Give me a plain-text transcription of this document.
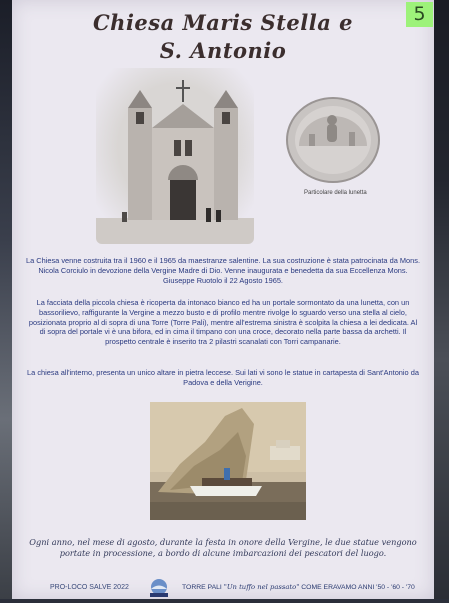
5
Chiesa Maris Stella e
S. Antonio
Particolare della lunetta
La Chiesa venne costruita tra il 1960 e il 1965 da maestranze salentine. La sua costruzione è stata patrocinata da Mons. Nicola Corciulo in devozione della Vergine Madre di Dio. Venne inaugurata e benedetta da sua Eccellenza Mons. Giuseppe Ruotolo il 22 Agosto 1965.
La facciata della piccola chiesa è ricoperta da intonaco bianco ed ha un portale sormontato da una lunetta, con un bassorilievo, raffigurante la Vergine a mezzo busto e di profilo mentre rivolge lo sguardo verso una stella al cielo, posizionata proprio al di sopra di una Torre (Torre Pali), mentre all'estrema sinistra è scolpita la chiesa a lei dedicata. Al di sopra del portale vi è una bifora, ed in cima il timpano con una croce, decorato nella parte bassa da archetti. Il prospetto centrale è inserito tra 2 pilastri scanalati con Torri campanarie.
La chiesa all'interno, presenta un unico altare in pietra leccese. Sui lati vi sono le statue in cartapesta di Sant'Antonio da Padova e della Verigine.
Ogni anno, nel mese di agosto, durante la festa in onore della Vergine, le due statue vengono portate in processione, a bordo di alcune imbarcazioni dei pescatori del luogo.
PRO-LOCO SALVE 2022	TORRE PALI "Un tuffo nel passato" COME ERAVAMO ANNI '50 - '60 - '70
